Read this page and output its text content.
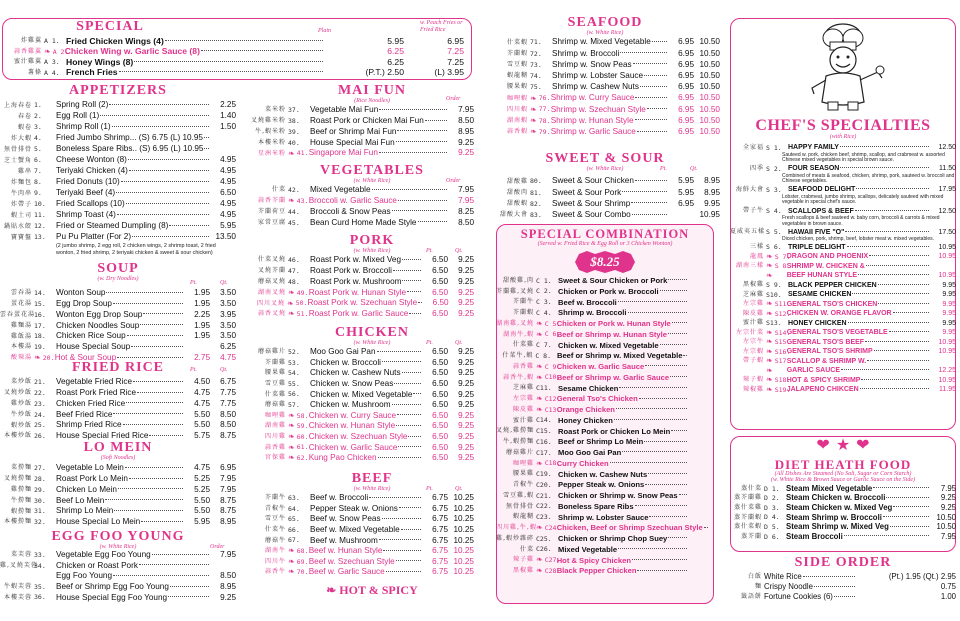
SPECIAL	Plain
w. Peach Fries or Fried Rice
炸雞翼 A 1. Fried Chicken Wings (4)	5.95	6.95
蒜香雞翼 ❧ A 2.
Chicken Wing w. Garlic Sauce (8)	6.25	7.25
蜜汁雞翼 A 3. Honey Wings (8)	6.25	7.25
薯條 A 4. French Fries	(P.T.) 2.50	(L) 3.95
APPETIZERS
上海春卷 1.	Spring Roll (2)	2.25
春卷 2.	Egg Roll (1)	1.40
蝦卷 3.	Shrimp Roll (1)	1.50
炸大蝦 4.	Fried Jumbo Shrimp... (S) 6.75 (L) 10.95
無骨排骨 5.	Boneless Spare Ribs.. (S) 6.95 (L) 10.95
芝士蟹角 6.	Cheese Wonton (8)	4.95
雞串 7.	Teriyaki Chicken (4)	4.95
炸麵包 8.	Fried Donuts (10)	4.95
牛肉串 9.	Teriyaki Beef (4)	6.50
炸帶子 10.	Fried Scallops (10)	4.95
蝦土司 11.	Shrimp Toast (4)	4.95
鍋貼水餃 12.	Fried or Steamed Dumpling (8)	5.95
寶寶盤 13.	Pu Pu Platter (For 2)	13.50
(2 jumbo shrimp, 2 egg roll, 2 chicken wings, 2 shrimp toast, 2 fried wonton, 2 fried shrimp, 2 teriyaki chicken & sweet & sour chicken)
SOUP
(w. Dry Noodles)
Pt.	Qt.
雲吞湯 14.	Wonton Soup	1.95	3.50
蛋花湯 15.	Egg Drop Soup	1.95	3.50
雲吞蛋花湯
16.	Wonton Egg Drop Soup	2.25	3.95
雞麵湯 17.	Chicken Noodles Soup	1.95	3.50
雞飯湯 18.	Chicken Rice Soup	1.95	3.50
本樓湯 19.	House Special Soup	6.25
酸辣湯 ❧ 20. Hot & Sour Soup	2.75	4.75
FRIED RICE	Pt.	Qt.
菜炒飯 21.	Vegetable Fried Rice	4.50	6.75
叉燒炒飯 22.	Roast Pork Fried Rice	4.75	7.75
雞炒飯 23.	Chicken Fried Rice	4.75	7.75
牛炒飯 24.	Beef Fried Rice	5.50	8.50
蝦炒飯 25.	Shrimp Fried Rice	5.50	8.50
本樓炒飯 26.	House Special Fried Rice	5.75	8.75
LO MEIN
(Soft Noodles)
菜撈麵 27.	Vegetable Lo Mein	4.75	6.95
叉燒撈麵 28.	Roast Pork Lo Mein	5.25	7.95
雞撈麵 29.	Chicken Lo Mein	5.25	7.95
牛撈麵 30.	Beef Lo Mein	5.50	8.75
蝦撈麵 31.	Shrimp Lo Mein	5.50	8.75
本樓撈麵 32.	House Special Lo Mein	5.95	8.95
EGG FOO YOUNG
(w. White Rice)	Order
菜芙蓉 33.	Vegetable Egg Foo Young	7.95
雞,叉燒芙蓉
34.	Chicken or Roast Pork
Egg Foo Young	8.50
牛蝦芙蓉 35.	Beef or Shrimp Egg Foo Young	8.95
本樓芙蓉 36.	House Special Egg Foo Young	9.25
MAI FUN
(Rice Noodles)	Order
菜米粉 37.	Vegetable Mai Fun	7.95
叉燒雞米粉 38.	Roast Pork or Chicken Mai Fun	8.50
牛,蝦米粉 39.	Beef or Shrimp Mai Fun	8.95
本樓米粉 40.	House Special Mai Fun	9.25
星洲米粉 ❧ 41. Singapore Mai Fun	9.25
VEGETABLES
(w. White Rice)	Order
什菜 42.	Mixed Vegetable	7.95
蒜香芥蘭 ❧ 43. Broccoli w. Garlic Sauce	7.95
芥蘭荷豆 44.	Broccoli & Snow Peas	8.25
家常豆腐 45.	Bean Curd Home Made Style	8.50
PORK
(w. White Rice)	Pt.	Qt.
什菜叉燒 46.	Roast Pork w. Mixed Veg	6.50	9.25
叉燒芥蘭 47.	Roast Pork w. Broccoli	6.50	9.25
蘑菇叉燒 48.	Roast Pork w. Mushroom	6.50	9.25
湖南叉燒 ❧ 49. Roast Pork w. Hunan Style	6.50	9.25
四川叉燒 ❧ 50. Roast Pork w. Szechuan Style	6.50	9.25
蒜香叉燒 ❧ 51. Roast Pork w. Garlic Sauce	6.50	9.25
CHICKEN
(w. White Rice)	Pt.	Qt.
蘑菇雞片 52.	Moo Goo Gai Pan	6.50	9.25
芥蘭雞 53.	Chicken w. Broccoli	6.50	9.25
腰果雞 54.	Chicken w. Cashew Nuts	6.50	9.25
雪豆雞 55.	Chicken w. Snow Peas	6.50	9.25
什菜雞 56.	Chicken w. Mixed Vegetable	6.50	9.25
蘑菇雞 57.	Chicken w. Mushroom	6.50	9.25
咖哩雞 ❧ 58. Chicken w. Curry Sauce	6.50	9.25
湖南雞 ❧ 59. Chicken w. Hunan Style	6.50	9.25
四川雞 ❧ 60. Chicken w. Szechuan Style	6.50	9.25
蒜香雞 ❧ 61. Chicken w. Garlic Sauce	6.50	9.25
宮保雞 ❧ 62. Kung Pao Chicken	6.50	9.25
BEEF
(w. White Rice)	Pt.	Qt.
芥蘭牛 63.	Beef w. Broccoli	6.75 10.25
青椒牛 64.	Pepper Steak w. Onions	6.75 10.25
雪豆牛 65.	Beef w. Snow Peas	6.75 10.25
什菜牛 66.	Beef w. Mixed Vegetable	6.75 10.25
蘑菇牛 67.	Beef w. Mushroom	6.75 10.25
湖南牛 ❧ 68. Beef w. Hunan Style	6.75 10.25
四川牛 ❧ 69. Beef w. Szechuan Style	6.75 10.25
蒜香牛 ❧ 70. Beef w. Garlic Sauce	6.75 10.25
❧ HOT & SPICY
SEAFOOD
(w. White Rice)
什菜蝦 71.	Shrimp w. Mixed Vegetable	6.95 10.50
芥蘭蝦 72.	Shrimp w. Broccoli	6.95 10.50
雪豆蝦 73.	Shrimp w. Snow Peas	6.95 10.50
蝦龍糊 74.	Shrimp w. Lobster Sauce	6.95 10.50
腰果蝦 75.	Shrimp w. Cashew Nuts	6.95 10.50
咖哩蝦 ❧ 76. Shrimp w. Curry Sauce	6.95 10.50
四川蝦 ❧ 77. Shrimp w. Szechuan Style	6.95 10.50
湖南蝦 ❧ 78. Shrimp w. Hunan Style	6.95 10.50
蒜香蝦 ❧ 79. Shrimp w. Garlic Sauce	6.95 10.50
SWEET & SOUR
(w. White Rice)	Pt.	Qt.
甜酸雞 80.	Sweet & Sour Chicken	5.95	8.95
甜酸肉 81.	Sweet & Sour Pork	5.95	8.95
甜酸蝦 82.	Sweet & Sour Shrimp	6.95	9.95
甜酸大會 83.	Sweet & Sour Combo	10.95
SPECIAL COMBINATION
(Served w. Fried Rice & Egg Roll or 3 Chicken Wonton)
$8.25
甜酸雞,肉 C 1. Sweet & Sour Chicken or Pork
芥蘭雞,叉燒 C 2. Chicken or Pork w. Broccoli
芥蘭牛 C 3. Beef w. Broccoli
芥蘭蝦 C 4. Shrimp w. Broccoli
湖南雞,叉燒 ❧ C 5.
Chicken or Pork w. Hunan Style
湖南牛,蝦 ❧ C 6.
Beef or Shrimp w. Hunan Style
什菜雞 C 7. Chicken w. Mixed Vegetable
什菜牛,蝦 C 8. Beef or Shrimp w. Mixed Vegetable
蒜香雞 ❧ C 9.
Chicken w. Garlic Sauce
蒜香牛,蝦 ❧ C10.
Beef or Shrimp w. Garlic Sauce
芝麻雞 C11. Sesame Chicken
左宗雞 ❧ C12.
General Tso's Chicken
陳皮雞 ❧ C13.
Orange Chicken
蜜汁雞 C14. Honey Chicken
叉燒,雞撈麵 C15. Roast Pork or Chicken Lo Mein
牛,蝦撈麵 C16. Beef or Shrimp Lo Mein
蘑菇雞片 C17. Moo Goo Gai Pan
咖哩雞 ❧ C18.
Curry Chicken
腰果雞 C19. Chicken w. Cashew Nuts
青椒牛 C20. Pepper Steak w. Onions
雪豆雞,蝦 C21. Chicken or Shrimp w. Snow Peas
無骨排骨 C22. Boneless Spare Ribs
蝦龍糊 C23. Shrimp w. Lobster Sauce
四川雞,牛,蝦 ❧ C24.
Chicken, Beef or Shrimp Szechuan Style
雞,蝦炒雜碎 C25. Chicken or Shrimp Chop Suey
什菜 C26. Mixed Vegetable
辣子雞 ❧ C27.
Hot & Spicy Chicken
黑椒雞 ❧ C28.
Black Pepper Chicken
CHEF'S SPECIALTIES
(with Rice)
全家福 S 1. HAPPY FAMILY	12.50
Sauteed w. pork, chicken beef, shrimp, scallop, and crabmeat w. assorted Chinese mixed vegetables in special brown sauce.
四季 S 2. FOUR SEASON	11.50
Combined of meats & seafood, chicken, shrimp, pork, sauteed w. broccoli and Chinese vegetables.
海鮮大會 S 3. SEAFOOD DELIGHT	17.95
Lobster, crabmeat, jumbo shrimp, scallops, delicately sauteed with mixed vegetable in special chef's sauce.
帶子牛 S 4. SCALLOPS & BEEF	12.50
Fresh scallops & beef sauteed w. baby corn, broccoli & carrots & mixed vegetables in brown sauce.
夏威夷五樣 S 5. HAWAII FIVE "O"	17.50
Diced chicken, pork, shrimp, beef, lobster meat w. mixed vegetables.
三樣 S 6. TRIPLE DELIGHT	10.95
龍鳳 ❧ S 7.
DRAGON AND PHOENIX	10.95
湖南三樣 ❧ S 8.
SHRIMP W. CHICKEN &
❧ BEEF HUNAN STYLE	10.95
黑椒雞 S 9. BLACK PEPPER CHICKEN	9.95
芝麻雞 S10. SESAME CHICKEN	9.95
左宗雞 ❧ S11.
GENERAL TSO'S CHICKEN	9.95
陳皮雞 ❧ S12.
CHICKEN W. ORANGE FLAVOR	9.95
蜜汁雞 S13. HONEY CHICKEN	9.95
左宗什菜 ❧ S14.
GENERAL TSO'S VEGETABLE	9.95
左宗牛 ❧ S15.
GENERAL TSO'S BEEF	10.95
左宗蝦 ❧ S16.
GENERAL TSO'S SHRIMP	10.95
帶子蝦 ❧ S17.
SCALLOP & SHRIMP W.
❧ GARLIC SAUCE	12.25
辣子蝦 ❧ S18.
HOT & SPICY SHRIMP	10.95
辣椒雞 ❧ S19.
JALAPENO CHIKCEN	11.95
❤ ★ ❤
DIET HEATH FOOD
(All Dishes Are Steamed (No Salt, Sugar or Corn Starch)
(w. White Rice & Brown Sauce or Garlic Sauce on the Side)
蒸什菜 D 1. Steam Mixed Vegetable	7.95
蒸芥蘭雞 D 2. Steam Chicken w. Broccoli	9.25
蒸什菜雞 D 3. Steam Chicken w. Mixed Veg	9.25
蒸芥蘭蝦 D 4. Steam Shrimp w. Broccoli	10.50
蒸什菜蝦 D 5. Steam Shrimp w. Mixed Veg	10.50
蒸芥蘭 D 6. Steam Broccoli	7.95
SIDE ORDER
白飯 White Rice	(Pt.) 1.95 (Qt.) 2.95
麵 Crispy Noodle	0.75
籤語餅 Fortune Cookies (6)	1.00
